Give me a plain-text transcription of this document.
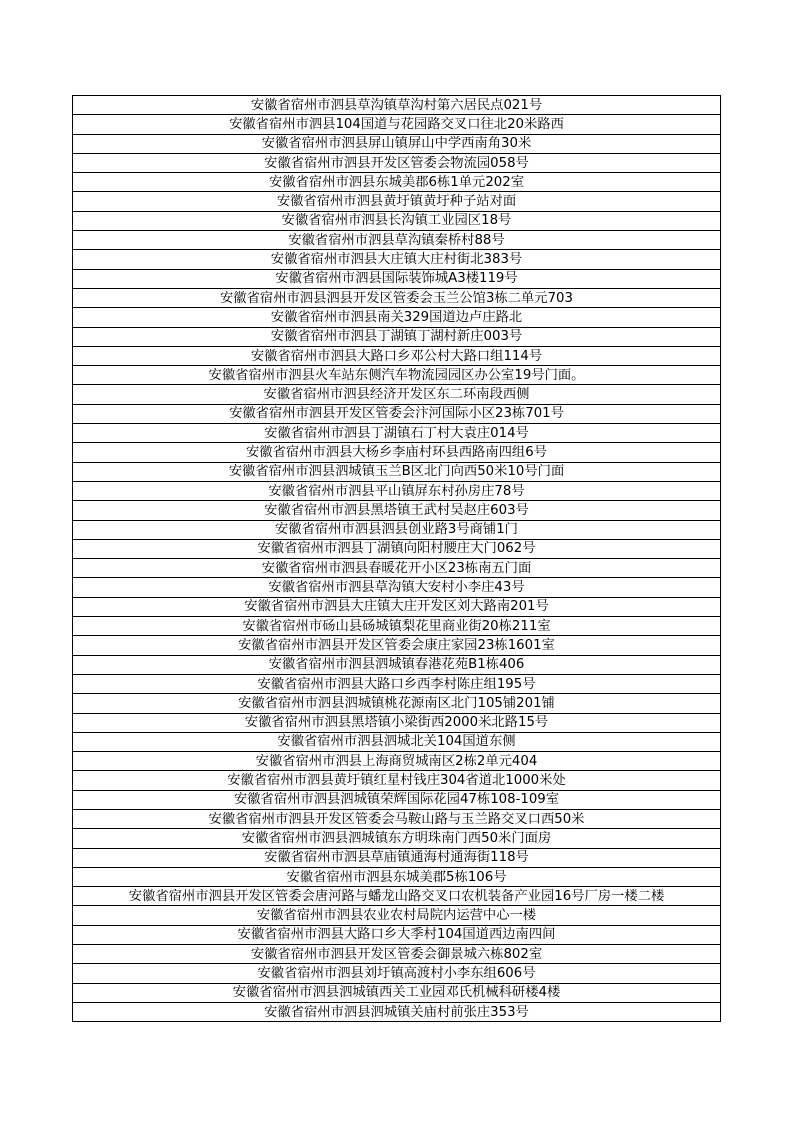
安徽省宿州市泗县草沟镇草沟村第六居民点021号
安徽省宿州市泗县104国道与花园路交叉口往北20米路西
安徽省宿州市泗县屏山镇屏山中学西南角30米
安徽省宿州市泗县开发区管委会物流园058号
安徽省宿州市泗县东城美郡6栋1单元202室
安徽省宿州市泗县黄圩镇黄圩种子站对面
安徽省宿州市泗县长沟镇工业园区18号
安徽省宿州市泗县草沟镇秦桥村88号
安徽省宿州市泗县大庄镇大庄村街北383号
安徽省宿州市泗县国际装饰城A3楼119号
安徽省宿州市泗县泗县开发区管委会玉兰公馆3栋二单元703
安徽省宿州市泗县南关329国道边卢庄路北
安徽省宿州市泗县丁湖镇丁湖村新庄003号
安徽省宿州市泗县大路口乡邓公村大路口组114号
安徽省宿州市泗县火车站东侧汽车物流园园区办公室19号门面。
安徽省宿州市泗县经济开发区东二环南段西侧
安徽省宿州市泗县开发区管委会汴河国际小区23栋701号
安徽省宿州市泗县丁湖镇石丁村大袁庄014号
安徽省宿州市泗县大杨乡李庙村环县西路南四组6号
安徽省宿州市泗县泗城镇玉兰B区北门向西50米10号门面
安徽省宿州市泗县平山镇屏东村孙房庄78号
安徽省宿州市泗县黑塔镇王武村吴赵庄603号
安徽省宿州市泗县泗县创业路3号商铺1门
安徽省宿州市泗县丁湖镇向阳村腰庄大门062号
安徽省宿州市泗县春暖花开小区23栋南五门面
安徽省宿州市泗县草沟镇大安村小李庄43号
安徽省宿州市泗县大庄镇大庄开发区刘大路南201号
安徽省宿州市砀山县砀城镇梨花里商业街20栋211室
安徽省宿州市泗县开发区管委会康庄家园23栋1601室
安徽省宿州市泗县泗城镇春港花苑B1栋406
安徽省宿州市泗县大路口乡西李村陈庄组195号
安徽省宿州市泗县泗城镇桃花源南区北门105铺201铺
安徽省宿州市泗县黑塔镇小梁街西2000米北路15号
安徽省宿州市泗县泗城北关104国道东侧
安徽省宿州市泗县上海商贸城南区2栋2单元404
安徽省宿州市泗县黄圩镇红星村钱庄304省道北1000米处
安徽省宿州市泗县泗城镇荣辉国际花园47栋108-109室
安徽省宿州市泗县开发区管委会马鞍山路与玉兰路交叉口西50米
安徽省宿州市泗县泗城镇东方明珠南门西50米门面房
安徽省宿州市泗县草庙镇通海村通海街118号
安徽省宿州市泗县东城美郡5栋106号
安徽省宿州市泗县开发区管委会唐河路与蟠龙山路交叉口农机装备产业园16号厂房一楼二楼
安徽省宿州市泗县农业农村局院内运营中心一楼
安徽省宿州市泗县大路口乡大季村104国道西边南四间
安徽省宿州市泗县开发区管委会御景城六栋802室
安徽省宿州市泗县刘圩镇高渡村小李东组606号
安徽省宿州市泗县泗城镇西关工业园邓氏机械科研楼4楼
安徽省宿州市泗县泗城镇关庙村前张庄353号
